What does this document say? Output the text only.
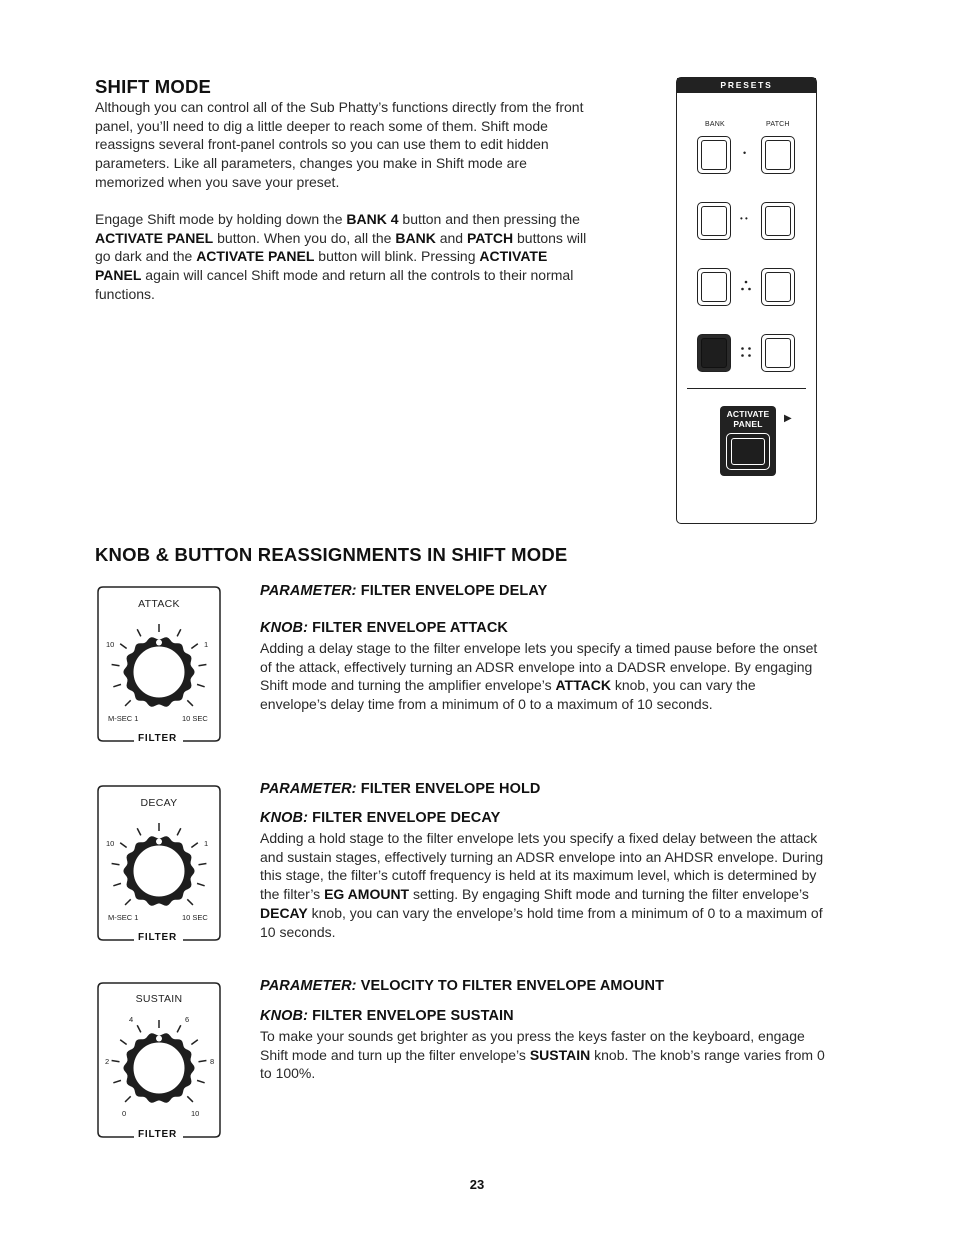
SHIFT MODE

Although you can control all of the Sub Phatty’s functions directly from the front panel, you’ll need to dig a little deeper to reach some of them. Shift mode reassigns several front-panel controls so you can use them to edit hidden parameters. Like all parameters, changes you make in Shift mode are memorized when you save your preset.

Engage Shift mode by holding down the BANK 4 button and then pressing the ACTIVATE PANEL button. When you do, all the BANK and PATCH buttons will go dark and the ACTIVATE PANEL button will blink. Pressing ACTIVATE PANEL again will cancel Shift mode and return all the controls to their normal functions.

PRESETS
BANK	PATCH
•
• •
ACTIVATE
PANEL	▶
KNOB & BUTTON REASSIGNMENTS IN SHIFT MODE
ATTACK
10	1
M-SEC 1	10 SEC
FILTER

PARAMETER: FILTER ENVELOPE DELAY

KNOB: FILTER ENVELOPE ATTACK

Adding a delay stage to the filter envelope lets you specify a timed pause before the onset of the attack, effectively turning an ADSR envelope into a DADSR envelope. By engaging Shift mode and turning the amplifier envelope’s ATTACK knob, you can vary the envelope’s delay time from a minimum of 0 to a maximum of 10 seconds.

DECAY
10	1
M-SEC 1	10 SEC
FILTER

PARAMETER: FILTER ENVELOPE HOLD

KNOB: FILTER ENVELOPE DECAY

Adding a hold stage to the filter envelope lets you specify a fixed delay between the attack and sustain stages, effectively turning an ADSR envelope into an AHDSR envelope. During this stage, the filter’s cutoff frequency is held at its maximum level, which is determined by the filter’s EG AMOUNT setting. By engaging Shift mode and turning the filter envelope’s DECAY knob, you can vary the envelope’s hold time from a minimum of 0 to a maximum of 10 seconds.

SUSTAIN
4	6
2	8
0	10
FILTER

PARAMETER: VELOCITY TO FILTER ENVELOPE AMOUNT

KNOB: FILTER ENVELOPE SUSTAIN

To make your sounds get brighter as you press the keys faster on the keyboard, engage Shift mode and turn up the filter envelope’s SUSTAIN knob. The knob’s range varies from 0 to 100%.

23
